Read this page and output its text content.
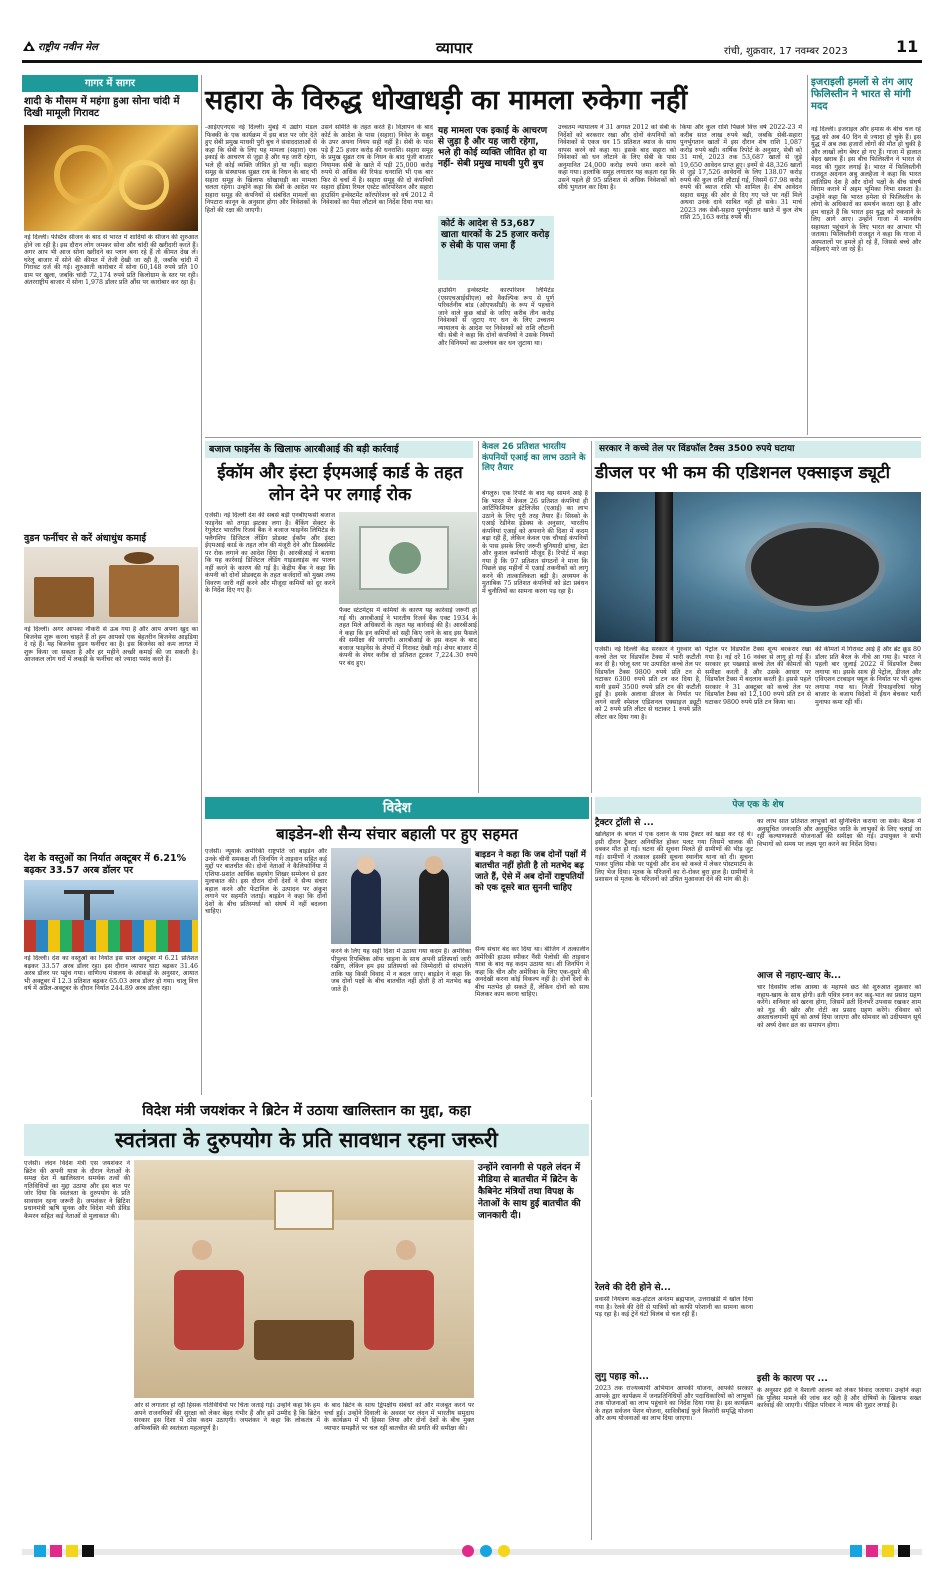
राष्ट्रीय नवीन मेल	व्यापार	रांची, शुक्रवार, 17 नवम्बर 2023	11
गागर में सागर
शादी के मौसम में महंगा हुआ सोना चांदी में दिखी मामूली गिरावट
नई दिल्ली। फेस्टिव सीजन के बाद से भारत में शादियों के सीजन की शुरुआत होने जा रही है। इस दौरान लोग जमकर सोना और चांदी की खरीदारी करते हैं। अगर आप भी आज सोना खरीदने का प्लान बना रहे हैं तो कीमत देख लें। घरेलू बाजार में सोने की कीमत में तेजी देखी जा रही है, जबकि चांदी में गिरावट दर्ज की गई। शुरुआती कारोबार में सोना 60,148 रुपये प्रति 10 ग्राम पर खुला, जबकि चांदी 72,174 रुपये प्रति किलोग्राम के स्तर पर रही। अंतरराष्ट्रीय बाजार में सोना 1,978 डॉलर प्रति औंस पर कारोबार कर रहा है।
वुडन फर्नीचर से करें अंधाधुंध कमाई
नई दिल्ली। अगर आपका नौकरी से ऊब गया है और आप अपना खुद का बिजनेस शुरू करना चाहते हैं तो हम आपको एक बेहतरीन बिजनेस आइडिया दे रहे हैं। यह बिजनेस वुडन फर्नीचर का है। इस बिजनेस को कम लागत में शुरू किया जा सकता है और हर महीने अच्छी कमाई की जा सकती है। आजकल लोग घरों में लकड़ी के फर्नीचर को ज्यादा पसंद करते हैं।
देश के वस्तुओं का निर्यात अक्टूबर में 6.21% बढ़कर 33.57 अरब डॉलर पर
नई दिल्ली। देश का वस्तुओं का निर्यात इस साल अक्टूबर में 6.21 प्रतिशत बढ़कर 33.57 अरब डॉलर रहा। इस दौरान व्यापार घाटा बढ़कर 31.46 अरब डॉलर पर पहुंच गया। वाणिज्य मंत्रालय के आंकड़ों के अनुसार, आयात भी अक्टूबर में 12.3 प्रतिशत बढ़कर 65.03 अरब डॉलर हो गया। चालू वित्त वर्ष में अप्रैल-अक्टूबर के दौरान निर्यात 244.89 अरब डॉलर रहा।
सहारा के विरुद्ध धोखाधड़ी का मामला रुकेगा नहीं
-आईएएनएस नई दिल्ली। मुंबई में उद्योग मंडल फिक्की के एक कार्यक्रम में इस बात पर जोर देते हुए सेबी प्रमुख माधवी पुरी बुच ने संवाददाताओं से कहा कि सेबी के लिए यह मामला (सहारा) एक इकाई के आचरण से जुड़ा है और यह जारी रहेगा, भले ही कोई व्यक्ति जीवित हो या नहीं। सहारा समूह के संस्थापक सुब्रत राय के निधन के बाद भी सहारा समूह के खिलाफ धोखाधड़ी का मामला चलता रहेगा। उन्होंने कहा कि सेबी के आदेश पर सहारा समूह की कंपनियों से संबंधित मामलों का निपटारा कानून के अनुसार होगा और निवेशकों के हितों की रक्षा की जाएगी।
उसने समिति के तहत करते हैं। विज्ञापन के बाद कोर्ट के आदेश के पास (सहारा) निवेश के सबूत के उपर अपना नियम सही नहीं है। सेबी के पास पड़े हैं 25 हजार करोड़ की धनराशि। सहारा समूह के प्रमुख सुब्रत राय के निधन के बाद पूंजी बाजार नियामक सेबी के खाते में पड़ी 25,000 करोड़ रुपये से अधिक की रिफंड धनराशि भी एक बार फिर से चर्चा में है। सहारा समूह की दो कंपनियों सहारा इंडिया रियल एस्टेट कॉरपोरेशन और सहारा हाउसिंग इन्वेस्टमेंट कॉरपोरेशन को वर्ष 2012 में निवेशकों का पैसा लौटाने का निर्देश दिया गया था।
यह मामला एक इकाई के आचरण से जुड़ा है और यह जारी रहेगा, भले ही कोई व्यक्ति जीवित हो या नहीं- सेबी प्रमुख माधवी पुरी बुच
कोर्ट के आदेश से 53,687 खाता धारकों के 25 हजार करोड़ रु सेबी के पास जमा हैं
हाउसिंग इन्वेस्टमेंट कारपोरेशन लिमिटेड (एसएचआईसीएल) को वैकल्पिक रूप से पूर्ण परिवर्तनीय बांड (ओएफसीडी) के रूप में पहचाने जाने वाले कुछ बांडों के जरिए करीब तीन करोड़ निवेशकों से जुटाए गए धन के लिए उच्चतम न्यायालय के आदेश पर निवेशकों को राशि लौटानी थी। सेबी ने कहा कि दोनों कंपनियों ने उसके नियमों और विनियमों का उल्लंघन कर धन जुटाया था।
उच्चतम न्यायालय ने 31 अगस्त 2012 को सेबी के निर्देशों को बरकरार रखा और दोनों कंपनियों को निवेशकों से एकत्र धन 15 प्रतिशत ब्याज के साथ वापस करने को कहा था। इसके बाद सहारा को निवेशकों को धन लौटाने के लिए सेबी के पास अनुमानित 24,000 करोड़ रुपये जमा करने को कहा गया। हालांकि समूह लगातार यह कहता रहा कि उसने पहले ही 95 प्रतिशत से अधिक निवेशकों को सीधे भुगतान कर दिया है।
किया और कुल राशि पिछले वित्त वर्ष 2022-23 में करीब सात लाख रुपये बढ़ी, जबकि सेबी-सहारा पुनर्भुगतान खातों में इस दौरान शेष राशि 1,087 करोड़ रुपये बढ़ी। वार्षिक रिपोर्ट के अनुसार, सेबी को 31 मार्च, 2023 तक 53,687 खातों से जुड़े 19,650 आवेदन प्राप्त हुए। इनमें से 48,326 खातों से जुड़े 17,526 आवेदनों के लिए 138.07 करोड़ रुपये की कुल राशि लौटाई गई, जिसमें 67.98 करोड़ रुपये की ब्याज राशि भी शामिल है। शेष आवेदन सहारा समूह की ओर से दिए गए पते पर नहीं मिले अथवा उनके दावे साबित नहीं हो सके। 31 मार्च 2023 तक सेबी-सहारा पुनर्भुगतान खाते में कुल शेष राशि 25,163 करोड़ रुपये थी।
इजराइली हमलों से तंग आए फिलिस्तीन ने भारत से मांगी मदद
नई दिल्ली। इजराइल और हमास के बीच चल रहे युद्ध को अब 40 दिन से ज्यादा हो चुके हैं। इस युद्ध में अब तक हजारों लोगों की मौत हो चुकी है और लाखों लोग बेघर हो गए हैं। गाजा में हालात बेहद खराब हैं। इस बीच फिलिस्तीन ने भारत से मदद की गुहार लगाई है। भारत में फिलिस्तीनी राजदूत अदनान अबु अलहैजा ने कहा कि भारत शांतिप्रिय देश है और दोनों पक्षों के बीच संघर्ष विराम कराने में अहम भूमिका निभा सकता है। उन्होंने कहा कि भारत हमेशा से फिलिस्तीन के लोगों के अधिकारों का समर्थन करता रहा है और हम चाहते हैं कि भारत इस युद्ध को रुकवाने के लिए आगे आए। उन्होंने गाजा में मानवीय सहायता पहुंचाने के लिए भारत का आभार भी जताया। फिलिस्तीनी राजदूत ने कहा कि गाजा में अस्पतालों पर हमले हो रहे हैं, जिससे बच्चे और महिलाएं मारे जा रहे हैं।
बजाज फाइनेंस के खिलाफ आरबीआई की बड़ी कार्रवाई
ईकॉम और इंस्टा ईएमआई कार्ड के तहत लोन देने पर लगाई रोक
एजेंसी। नई दिल्ली देश की सबसे बड़ी एनबीएफसी बजाज फाइनेंस को तगड़ा झटका लगा है। बैंकिंग सेक्टर के रेगुलेटर भारतीय रिजर्व बैंक ने बजाज फाइनेंस लिमिटेड के फ्लैगशिप डिजिटल लेंडिंग प्रोडक्ट ईकॉम और इंस्टा ईएमआई कार्ड के तहत लोन की मंजूरी देने और डिस्बर्समेंट पर रोक लगाने का आदेश दिया है। आरबीआई ने बताया कि यह कार्रवाई डिजिटल लेंडिंग गाइडलाइंस का पालन नहीं करने के कारण की गई है। केंद्रीय बैंक ने कहा कि कंपनी को दोनों प्रोडक्ट्स के तहत कर्जदारों को मुख्य तथ्य विवरण जारी नहीं करने और मौजूदा कमियों को दूर करने के निर्देश दिए गए हैं।
फैक्ट स्टेटमेंट्स में कमियों के कारण यह कार्रवाई जरूरी हो गई थी। आरबीआई ने भारतीय रिजर्व बैंक एक्ट 1934 के तहत मिले अधिकारों के तहत यह कार्रवाई की है। आरबीआई ने कहा कि इन कमियों को सही किए जाने के बाद इस फैसले की समीक्षा की जाएगी। आरबीआई के इस कदम के बाद बजाज फाइनेंस के शेयरों में गिरावट देखी गई। शेयर बाजार में कंपनी के शेयर करीब दो प्रतिशत टूटकर 7,224.30 रुपये पर बंद हुए।
केवल 26 प्रतिशत भारतीय कंपनियों एआई का लाभ उठाने के लिए तैयार
बेंगलुरु। एक रिपोर्ट के बाद यह सामने आई है कि भारत में केवल 26 प्रतिशत कंपनियां ही आर्टिफिशियल इंटेलिजेंस (एआई) का लाभ उठाने के लिए पूरी तरह तैयार हैं। सिस्को के एआई रेडीनेस इंडेक्स के अनुसार, भारतीय कंपनियां एआई को अपनाने की दिशा में कदम बढ़ा रही हैं, लेकिन केवल एक चौथाई कंपनियों के पास इसके लिए जरूरी बुनियादी ढांचा, डेटा और कुशल कर्मचारी मौजूद हैं। रिपोर्ट में कहा गया है कि 97 प्रतिशत संगठनों ने माना कि पिछले छह महीनों में एआई तकनीकों को लागू करने की तात्कालिकता बढ़ी है। अध्ययन के मुताबिक 75 प्रतिशत कंपनियों को डेटा प्रबंधन में चुनौतियों का सामना करना पड़ रहा है।
सरकार ने कच्चे तेल पर विंडफॉल टैक्स 3500 रुपये घटाया
डीजल पर भी कम की एडिशनल एक्साइज ड्यूटी
एजेंसी। नई दिल्ली केंद्र सरकार ने गुरुवार को कच्चे तेल पर विंडफॉल टैक्स में भारी कटौती कर दी है। घरेलू स्तर पर उत्पादित कच्चे तेल पर विंडफॉल टैक्स 9800 रुपये प्रति टन से घटाकर 6300 रुपये प्रति टन कर दिया है, यानी इसमें 3500 रुपये प्रति टन की कटौती हुई है। इसके अलावा डीजल के निर्यात पर लगने वाली स्पेशल एडिशनल एक्साइज ड्यूटी को 2 रुपये प्रति लीटर से घटाकर 1 रुपये प्रति लीटर कर दिया गया है।
पेट्रोल पर विंडफॉल टैक्स शून्य बरकरार रखा गया है। नई दरें 16 नवंबर से लागू हो गई हैं। सरकार हर पखवाड़े कच्चे तेल की कीमतों की समीक्षा करती है और उसके आधार पर विंडफॉल टैक्स में बदलाव करती है। इससे पहले सरकार ने 31 अक्टूबर को कच्चे तेल पर विंडफॉल टैक्स को 12,100 रुपये प्रति टन से घटाकर 9800 रुपये प्रति टन किया था।
की कीमतों में गिरावट आई है और ब्रेंट क्रूड 80 डॉलर प्रति बैरल के नीचे आ गया है। भारत ने पहली बार जुलाई 2022 में विंडफॉल टैक्स लगाया था। इसके साथ ही पेट्रोल, डीजल और एविएशन टरबाइन फ्यूल के निर्यात पर भी शुल्क लगाया गया था। निजी रिफाइनरियां घरेलू बाजार के बजाय विदेशों में ईंधन बेचकर भारी मुनाफा कमा रही थीं।
विदेश
बाइडेन-शी सैन्य संचार बहाली पर हुए सहमत
एजेंसी। न्यूयार्क अमेरिकी राष्ट्रपति जो बाइडेन और उनके चीनी समकक्ष शी जिनपिंग ने ताइवान सहित कई मुद्दों पर बातचीत की। दोनों नेताओं ने कैलिफोर्निया में एशिया-प्रशांत आर्थिक सहयोग शिखर सम्मेलन से इतर मुलाकात की। इस दौरान दोनों देशों ने सैन्य संचार बहाल करने और फेंटानिल के उत्पादन पर अंकुश लगाने पर सहमति जताई। बाइडेन ने कहा कि दोनों देशों के बीच प्रतिस्पर्धा को संघर्ष में नहीं बदलना चाहिए।
बाइडन ने कहा कि जब दोनों पक्षों में बातचीत नहीं होती है तो मतभेद बढ़ जाते हैं, ऐसे में अब दोनों राष्ट्रपतियों को एक दूसरे बात सुननी चाहिए
करने के लिए यह सही दिशा में उठाया गया कदम है। अमेरिका पीपुल्स रिपब्लिक ऑफ चाइना के साथ अपनी प्रतिस्पर्धा जारी रखेगा, लेकिन हम इस प्रतिस्पर्धा को जिम्मेदारी से संभालेंगे ताकि यह किसी विवाद में न बदल जाए। बाइडेन ने कहा कि जब दोनों पक्षों के बीच बातचीत नहीं होती है तो मतभेद बढ़ जाते हैं।
सैन्य संचार बंद कर दिया था। बीजिंग ने तत्कालीन अमेरिकी हाउस स्पीकर नैंसी पेलोसी की ताइवान यात्रा के बाद यह कदम उठाया था। शी जिनपिंग ने कहा कि चीन और अमेरिका के लिए एक-दूसरे की अनदेखी करना कोई विकल्प नहीं है। दोनों देशों के बीच मतभेद हो सकते हैं, लेकिन दोनों को साथ मिलकर काम करना चाहिए।
पेज एक के शेष
ट्रैक्टर ट्रॉली से ...
खलिहान के बगल में एक दलान के पास ट्रैक्टर को खड़ा कर रहे थे। इसी दौरान ट्रैक्टर अनियंत्रित होकर पलट गया जिसमें चालक की दबकर मौत हो गई। घटना की सूचना मिलते ही ग्रामीणों की भीड़ जुट गई। ग्रामीणों ने तत्काल इसकी सूचना स्थानीय थाना को दी। सूचना पाकर पुलिस मौके पर पहुंची और शव को कब्जे में लेकर पोस्टमार्टम के लिए भेज दिया। मृतक के परिजनों का रो-रोकर बुरा हाल है। ग्रामीणों ने प्रशासन से मृतक के परिजनों को उचित मुआवजा देने की मांग की है।
का लाभ सात प्रतिशत लाभुकों को सुनिश्चित कराया जा सके। बैठक में अनुसूचित जनजाति और अनुसूचित जाति के लाभुकों के लिए चलाई जा रही कल्याणकारी योजनाओं की समीक्षा की गई। उपायुक्त ने सभी विभागों को समय पर लक्ष्य पूरा करने का निर्देश दिया।
आज से नहाए-खाए के...
चार दिवसीय लोक आस्था के महापर्व छठ की शुरुआत शुक्रवार को नहाय-खाय के साथ होगी। व्रती पवित्र स्नान कर कद्दू-भात का प्रसाद ग्रहण करेंगे। शनिवार को खरना होगा, जिसमें व्रती दिनभर उपवास रखकर शाम को गुड़ की खीर और रोटी का प्रसाद ग्रहण करेंगे। रविवार को अस्ताचलगामी सूर्य को अर्घ्य दिया जाएगा और सोमवार को उदीयमान सूर्य को अर्घ्य देकर व्रत का समापन होगा।
रेलवे की देरी होने से...
प्रवासी नियंत्रण कक्ष-होटल अनंतम ब्रह्मपाल, उत्तराखंडी में खोल दिया गया है। रेलवे की देरी से यात्रियों को काफी परेशानी का सामना करना पड़ रहा है। कई ट्रेनें घंटों विलंब से चल रही हैं।
लुगु पहाड़ को...
2023 तक राज्यव्यापी अभियान आपकी योजना, आपकी सरकार आपके द्वार कार्यक्रम में जनप्रतिनिधियों और पदाधिकारियों को लाभुकों तक योजनाओं का लाभ पहुंचाने का निर्देश दिया गया है। इस कार्यक्रम के तहत सर्वजन पेंशन योजना, सावित्रीबाई फुले किशोरी समृद्धि योजना और अन्य योजनाओं का लाभ दिया जाएगा।
इसी के कारण पर ...
के अनुसार इंदी ने वैशाली आलम को लेकर विवाद जताया। उन्होंने कहा कि पुलिस मामले की जांच कर रही है और दोषियों के खिलाफ सख्त कार्रवाई की जाएगी। पीड़ित परिवार ने न्याय की गुहार लगाई है।
विदेश मंत्री जयशंकर ने ब्रिटेन में उठाया खालिस्तान का मुद्दा, कहा
स्वतंत्रता के दुरुपयोग के प्रति सावधान रहना जरूरी
एजेंसी। लंदन विदेश मंत्री एस जयशंकर ने ब्रिटेन की अपनी यात्रा के दौरान नेताओं के समक्ष देश में खालिस्तान समर्थक तत्वों की गतिविधियों का मुद्दा उठाया और इस बात पर जोर दिया कि स्वतंत्रता के दुरुपयोग के प्रति सावधान रहना जरूरी है। जयशंकर ने ब्रिटिश प्रधानमंत्री ऋषि सुनक और विदेश मंत्री डेविड कैमरन सहित कई नेताओं से मुलाकात की।
उन्होंने रवानगी से पहले लंदन में मीडिया से बातचीत में ब्रिटेन के कैबिनेट मंत्रियों तथा विपक्ष के नेताओं के साथ हुई बातचीत की जानकारी दी।
ओर से लगातार हो रही हिंसक गतिविधियों पर चिंता जताई गई। उन्होंने कहा कि हम अपने राजनयिकों की सुरक्षा को लेकर बेहद गंभीर हैं और हमें उम्मीद है कि ब्रिटेन सरकार इस दिशा में ठोस कदम उठाएगी। जयशंकर ने कहा कि लोकतंत्र में अभिव्यक्ति की स्वतंत्रता महत्वपूर्ण है।
के बाद ब्रिटेन के साथ द्विपक्षीय संबंधों को और मजबूत करने पर चर्चा हुई। उन्होंने दिवाली के अवसर पर लंदन में भारतीय समुदाय के कार्यक्रम में भी हिस्सा लिया और दोनों देशों के बीच मुक्त व्यापार समझौते पर चल रही बातचीत की प्रगति की समीक्षा की।
